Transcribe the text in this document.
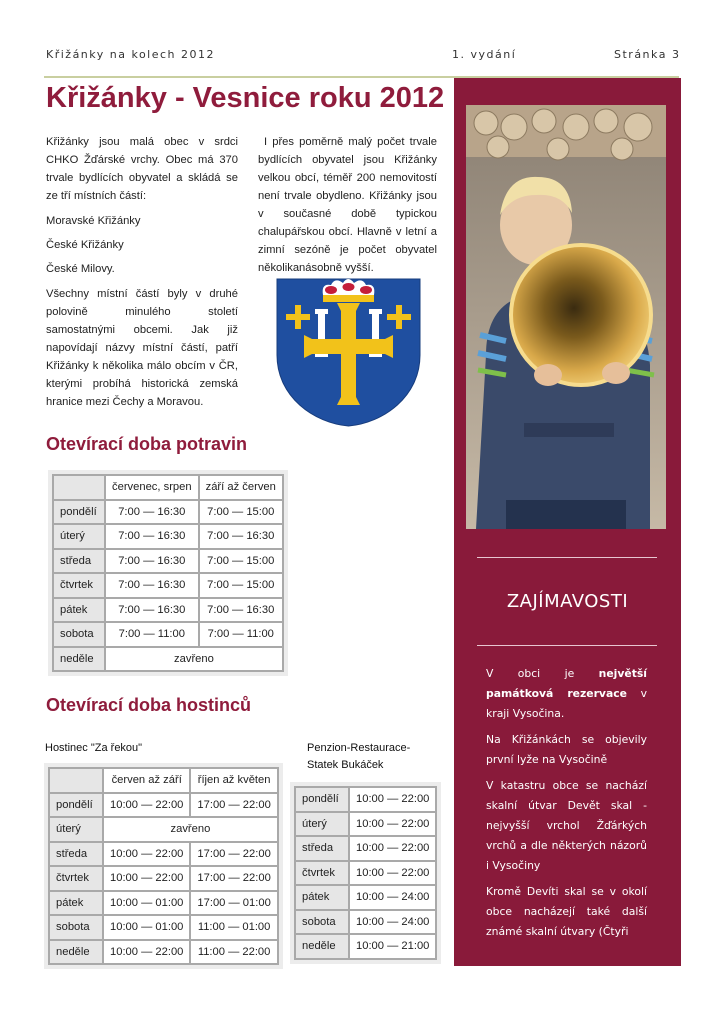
Křižánky na kolech 2012	1. vydání	Stránka 3
Křižánky - Vesnice roku 2012

Křižánky jsou malá obec v srdci CHKO Žďárské vrchy. Obec má 370 trvale bydlících obyvatel a skládá se ze tří místních částí:

Moravské Křižánky

České Křižánky

České Milovy.

Všechny místní částí byly v druhé polovině minulého století samostatnými obcemi. Jak již napovídají názvy místní částí, patří Křižánky k několika málo obcím v ČR, kterými probíhá historická zemská hranice mezi Čechy a Moravou.

I přes poměrně malý počet trvale bydlících obyvatel jsou Křižánky velkou obcí, téměř 200 nemovitostí není trvale obydleno. Křižánky jsou v současné době typickou chalupářskou obcí. Hlavně v letní a zimní sezóně je počet obyvatel několikanásobně vyšší.

Otevírací doba potravin
	červenec, srpen	září až červen
pondělí	7:00 — 16:30	7:00 — 15:00
úterý	7:00 — 16:30	7:00 — 16:30
středa	7:00 — 16:30	7:00 — 15:00
čtvrtek	7:00 — 16:30	7:00 — 15:00
pátek	7:00 — 16:30	7:00 — 16:30
sobota	7:00 — 11:00	7:00 — 11:00
neděle	zavřeno	
Otevírací doba hostinců
Hostinec "Za řekou"
	červen až září	říjen až květen
pondělí	10:00 — 22:00	17:00 — 22:00
úterý	zavřeno	
středa	10:00 — 22:00	17:00 — 22:00
čtvrtek	10:00 — 22:00	17:00 — 22:00
pátek	10:00 — 01:00	17:00 — 01:00
sobota	10:00 — 01:00	11:00 — 01:00
neděle	10:00 — 22:00	11:00 — 22:00
Penzion-Restaurace-
Statek Bukáček
pondělí	10:00 — 22:00
úterý	10:00 — 22:00
středa	10:00 — 22:00
čtvrtek	10:00 — 22:00
pátek	10:00 — 24:00
sobota	10:00 — 24:00
neděle	10:00 — 21:00
ZAJÍMAVOSTI

V obci je největší památková rezervace v kraji Vysočina.

Na Křižánkách se objevily první lyže na Vysočině

V katastru obce se nachází skalní útvar Devět skal - nejvyšší vrchol Žďárkých vrchů a dle některých názorů i Vysočiny

Kromě Devíti skal se v okolí obce nacházejí také další známé skalní útvary (Čtyři
